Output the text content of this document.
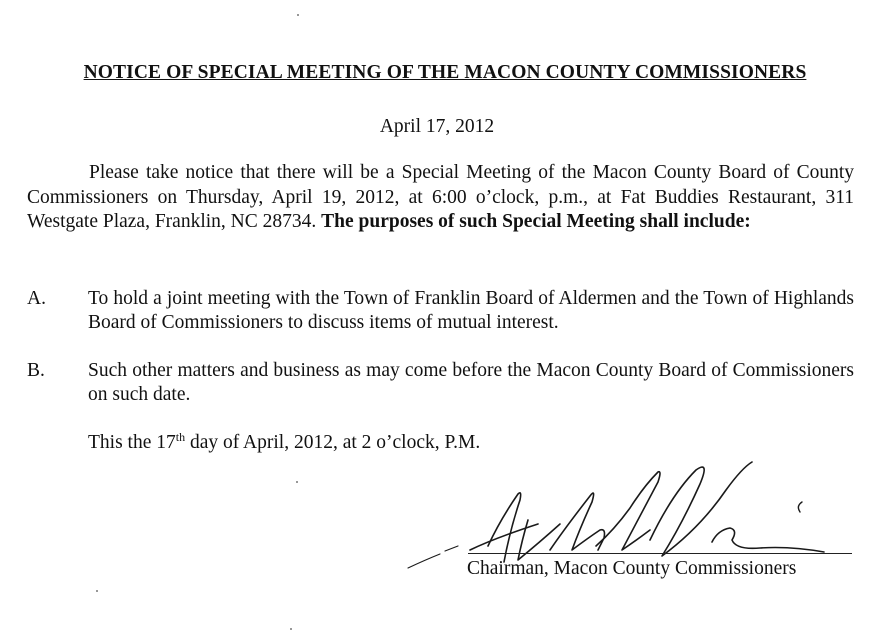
NOTICE OF SPECIAL MEETING OF THE MACON COUNTY COMMISSIONERS
April 17, 2012

Please take notice that there will be a Special Meeting of the Macon County Board of County Commissioners on Thursday, April 19, 2012, at 6:00 o’clock, p.m., at Fat Buddies Restaurant, 311 Westgate Plaza, Franklin, NC 28734. The purposes of such Special Meeting shall include:

A. To hold a joint meeting with the Town of Franklin Board of Aldermen and the Town of Highlands Board of Commissioners to discuss items of mutual interest.
B. Such other matters and business as may come before the Macon County Board of Commissioners on such date.
This the 17th day of April, 2012, at 2 o’clock, P.M.
Chairman, Macon County Commissioners
